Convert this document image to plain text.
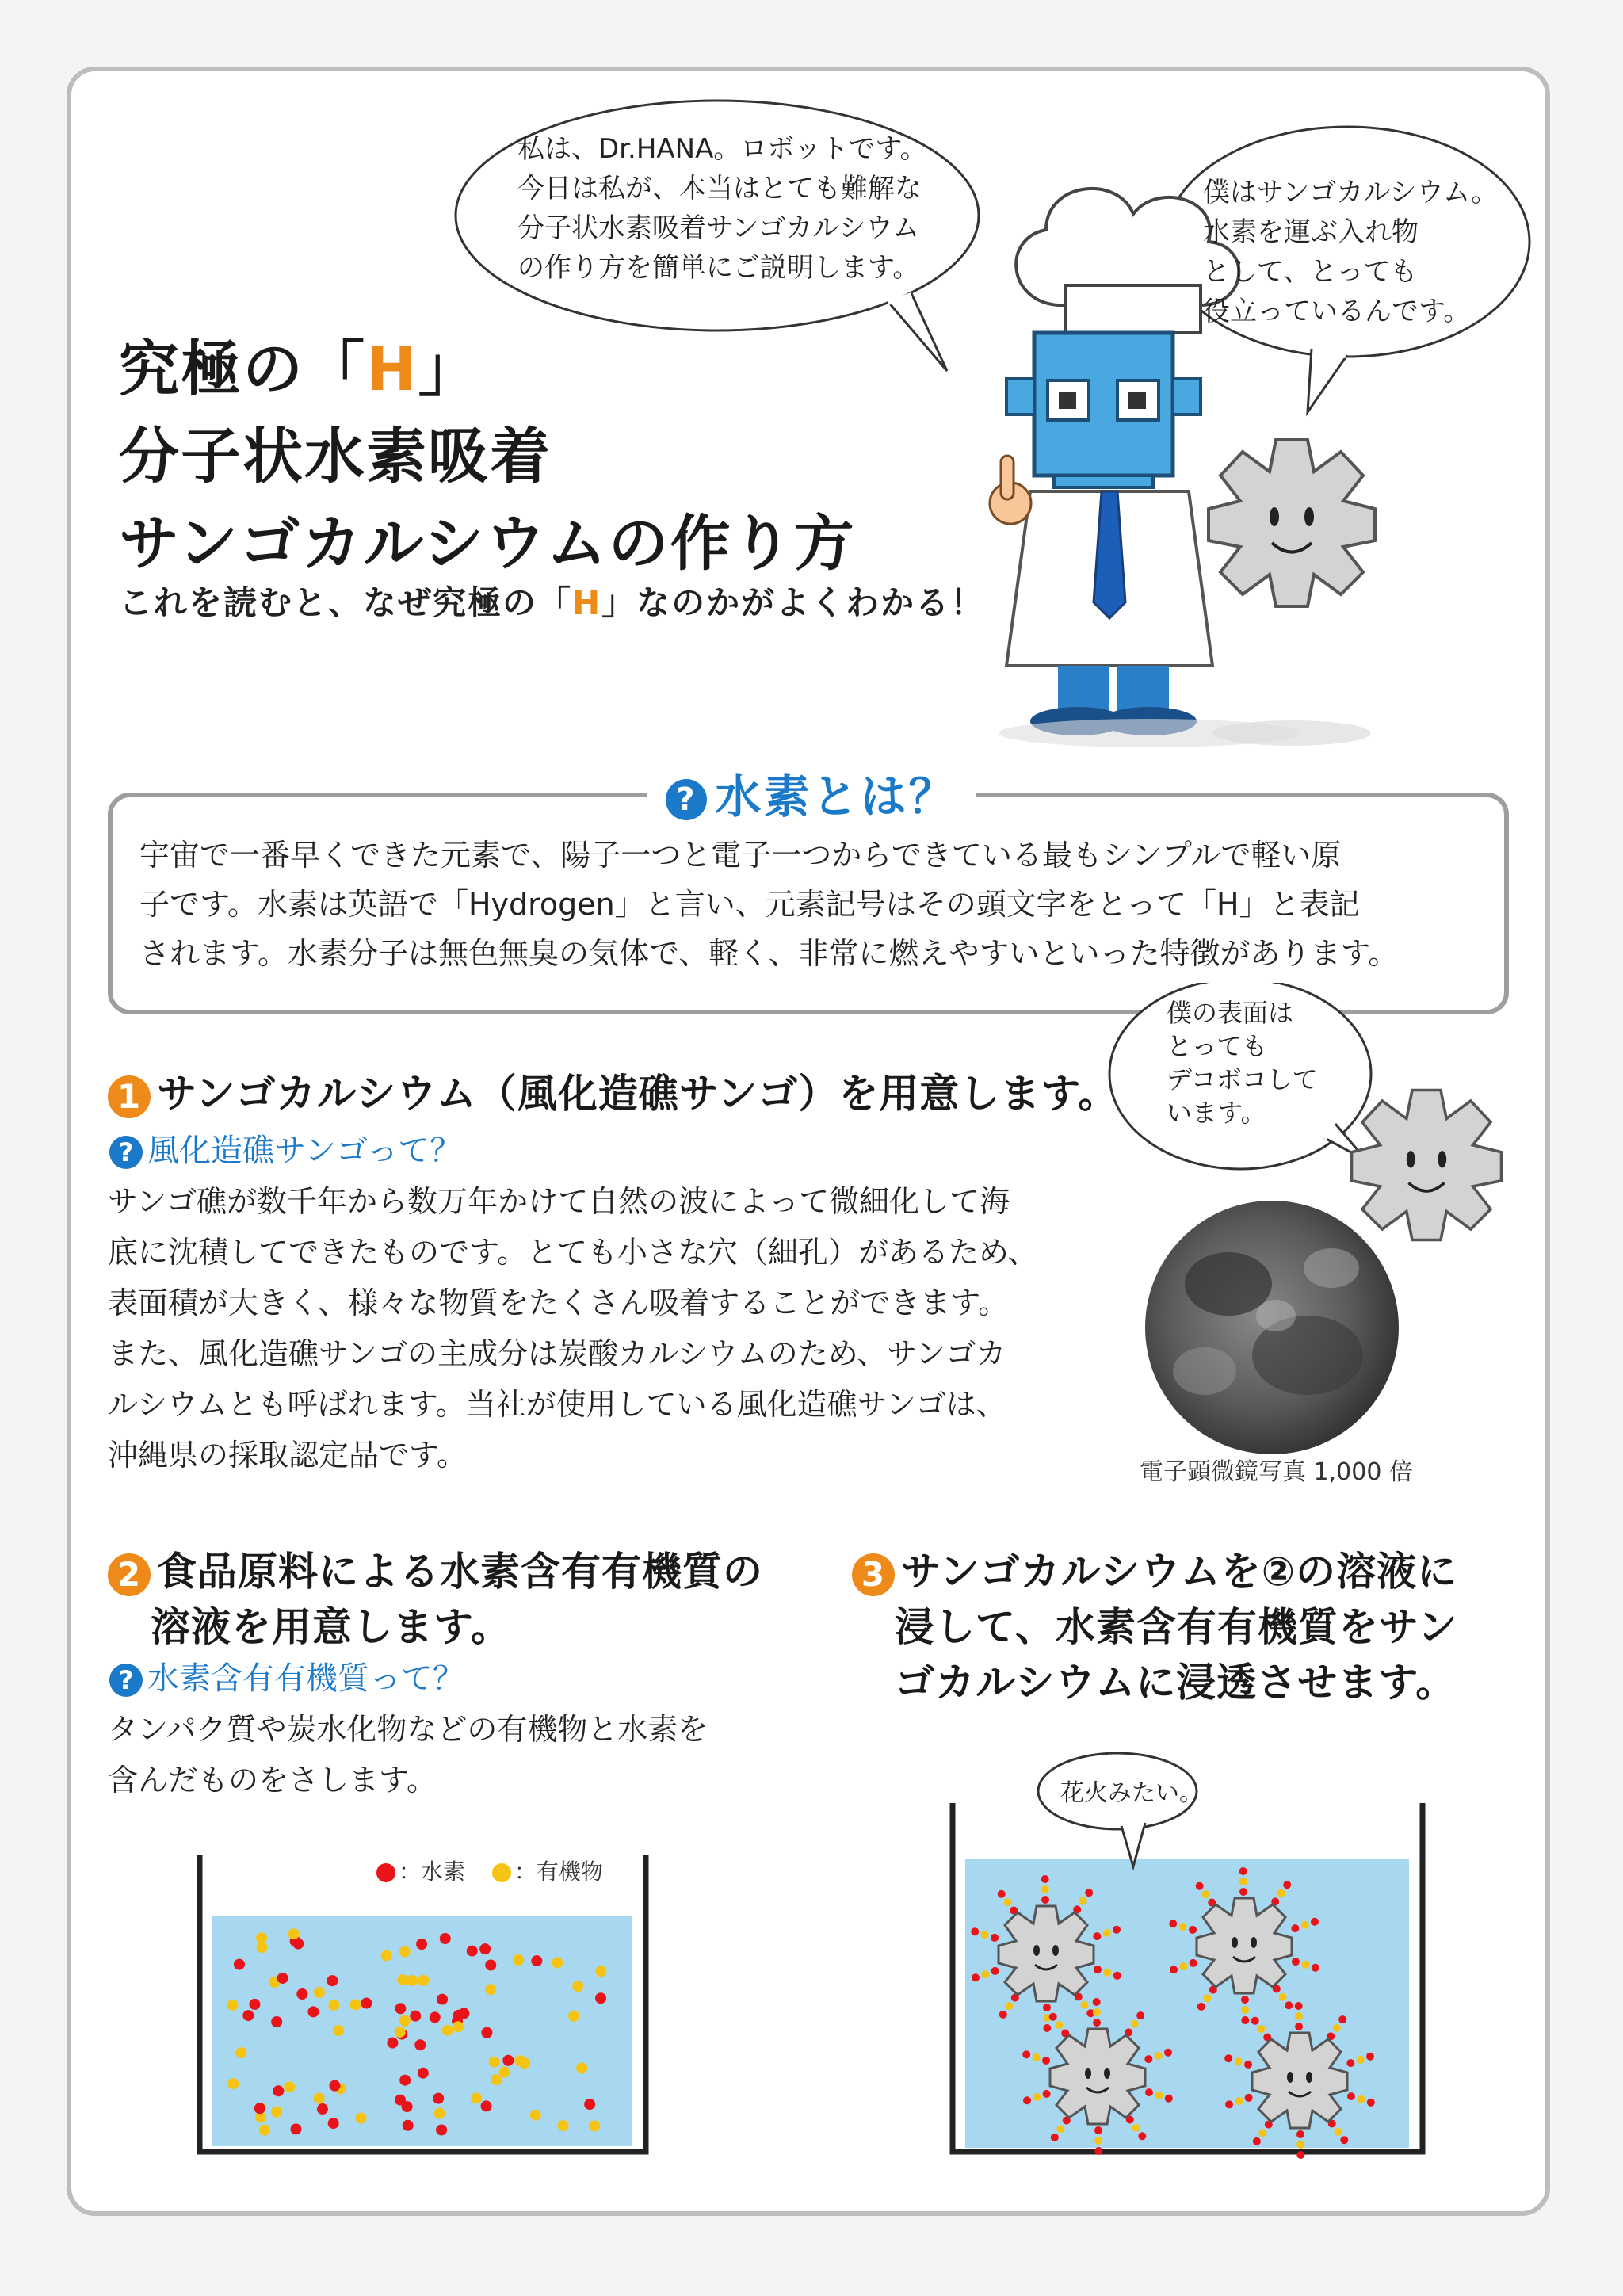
私は、Dr.HANA。ロボットです。
今日は私が、本当はとても難解な
分子状水素吸着サンゴカルシウム
の作り方を簡単にご説明します。
僕はサンゴカルシウム。
水素を運ぶ入れ物
として、とっても
役立っているんです。
究極の「H」
分子状水素吸着
サンゴカルシウムの作り方
これを読むと、なぜ究極の「H」なのかがよくわかる！
? 水素とは？
宇宙で一番早くできた元素で、陽子一つと電子一つからできている最もシンプルで軽い原
子です。水素は英語で「Hydrogen」と言い、元素記号はその頭文字をとって「H」と表記
されます。水素分子は無色無臭の気体で、軽く、非常に燃えやすいといった特徴があります。
僕の表面は
とっても
デコボコして
います。
電子顕微鏡写真 1,000 倍
1 サンゴカルシウム（風化造礁サンゴ）を用意します。
? 風化造礁サンゴって？
サンゴ礁が数千年から数万年かけて自然の波によって微細化して海
底に沈積してできたものです。とても小さな穴（細孔）があるため、
表面積が大きく、様々な物質をたくさん吸着することができます。
また、風化造礁サンゴの主成分は炭酸カルシウムのため、サンゴカ
ルシウムとも呼ばれます。当社が使用している風化造礁サンゴは、
沖縄県の採取認定品です。
2 食品原料による水素含有有機質の
溶液を用意します。
? 水素含有有機質って？
タンパク質や炭水化物などの有機物と水素を
含んだものをさします。
3 サンゴカルシウムを②の溶液に
浸して、水素含有有機質をサン
ゴカルシウムに浸透させます。
：水素 ：有機物
花火みたい。
